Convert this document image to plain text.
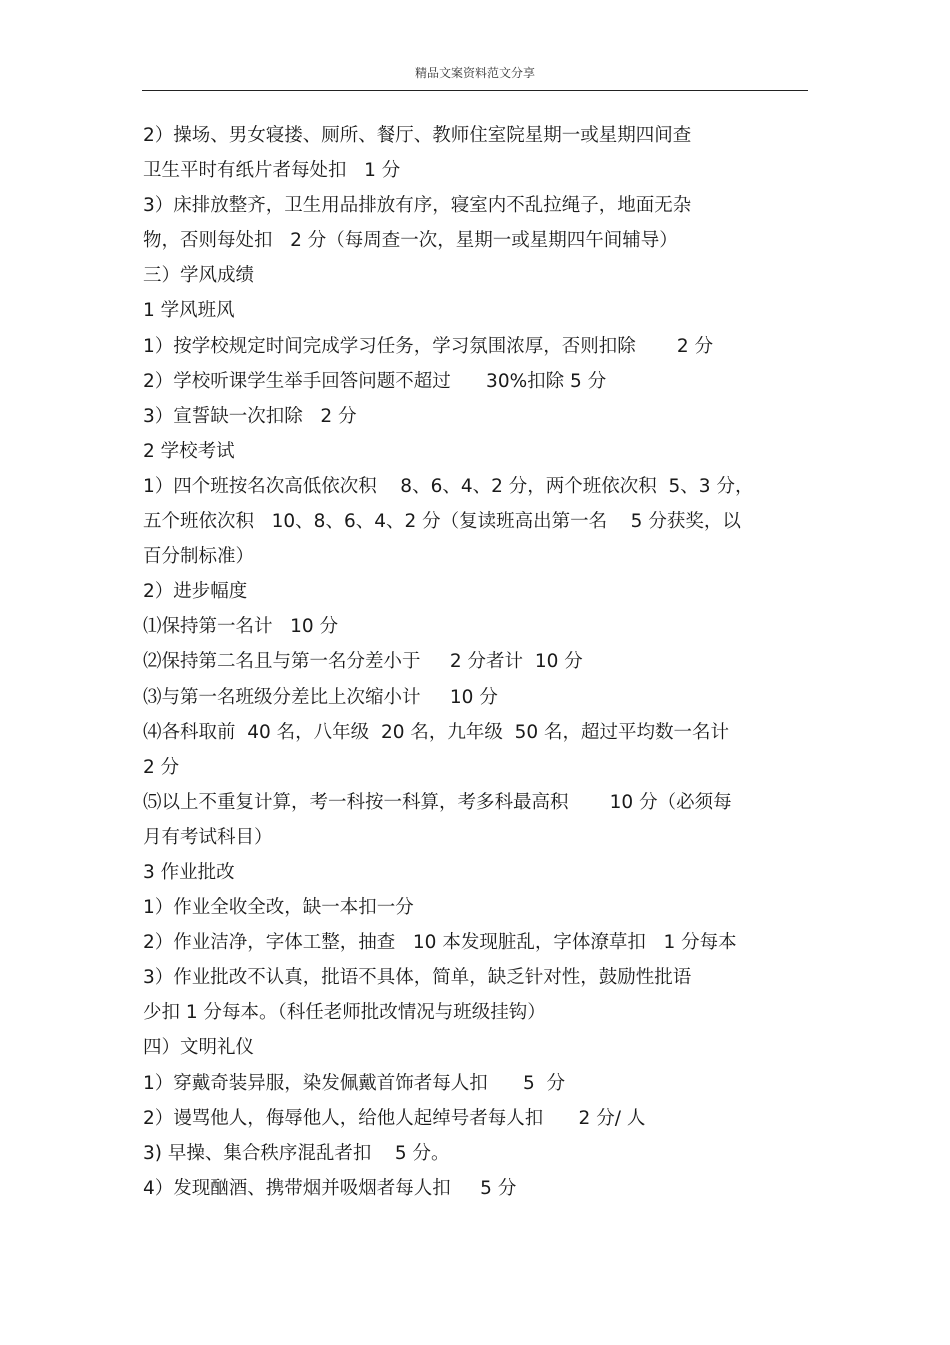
精品文案资料范文分享
2）操场、男女寝搂、厕所、餐厅、教师住室院星期一或星期四间查
卫生平时有纸片者每处扣   1 分
3）床排放整齐，卫生用品排放有序，寝室内不乱拉绳子，地面无杂
物，否则每处扣   2 分（每周查一次，星期一或星期四午间辅导）
三）学风成绩
1 学风班风
1）按学校规定时间完成学习任务，学习氛围浓厚，否则扣除       2 分
2）学校听课学生举手回答问题不超过      30%扣除 5 分
3）宣誓缺一次扣除   2 分
2 学校考试
1）四个班按名次高低依次积    8、6、4、2 分，两个班依次积  5、3 分，
五个班依次积   10、8、6、4、2 分（复读班高出第一名    5 分获奖，以
百分制标准）
2）进步幅度
⑴保持第一名计   10 分
⑵保持第二名且与第一名分差小于     2 分者计  10 分
⑶与第一名班级分差比上次缩小计     10 分
⑷各科取前  40 名，八年级  20 名，九年级  50 名，超过平均数一名计
2 分
⑸以上不重复计算，考一科按一科算，考多科最高积       10 分（必须每
月有考试科目）
3 作业批改
1）作业全收全改，缺一本扣一分
2）作业洁净，字体工整，抽查   10 本发现脏乱，字体潦草扣   1 分每本
3）作业批改不认真，批语不具体，简单，缺乏针对性，鼓励性批语
少扣 1 分每本。（科任老师批改情况与班级挂钩）
四）文明礼仪
1）穿戴奇装异服，染发佩戴首饰者每人扣      5  分
2）谩骂他人，侮辱他人，给他人起绰号者每人扣      2 分/ 人
3) 早操、集合秩序混乱者扣    5 分。
4）发现酗酒、携带烟并吸烟者每人扣     5 分
